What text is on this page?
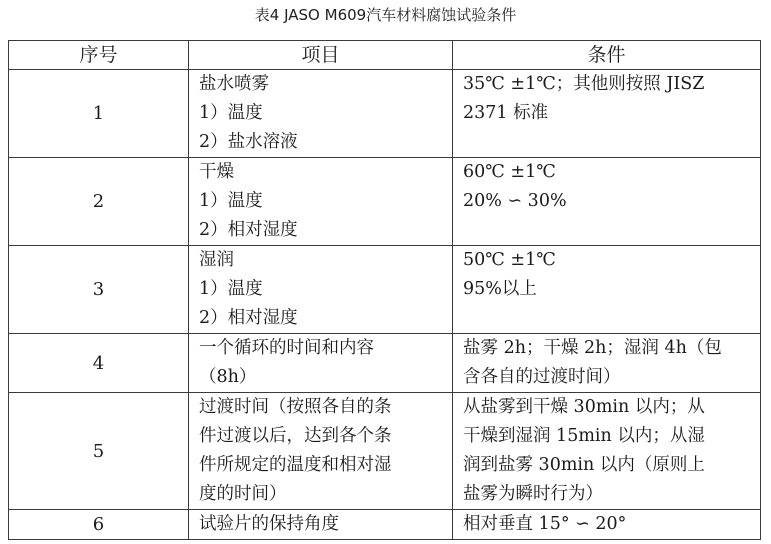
表4 JASO M609汽车材料腐蚀试验条件
序号	项目	条件
1	盐水喷雾
1）温度
2）盐水溶液	35℃ ±1℃；其他则按照 JISZ
2371 标准

2	干燥
1）温度
2）相对湿度	60℃ ±1℃
20% ∽ 30%

3	湿润
1）温度
2）相对湿度	50℃ ±1℃
95%以上

4	一个循环的时间和内容
（8h）	盐雾 2h；干燥 2h；湿润 4h（包
含各自的过渡时间）

5	过渡时间（按照各自的条
件过渡以后，达到各个条
件所规定的温度和相对湿
度的时间）	从盐雾到干燥 30min 以内；从
干燥到湿润 15min 以内；从湿
润到盐雾 30min 以内（原则上
盐雾为瞬时行为）

6	试验片的保持角度	相对垂直 15° ∽ 20°
